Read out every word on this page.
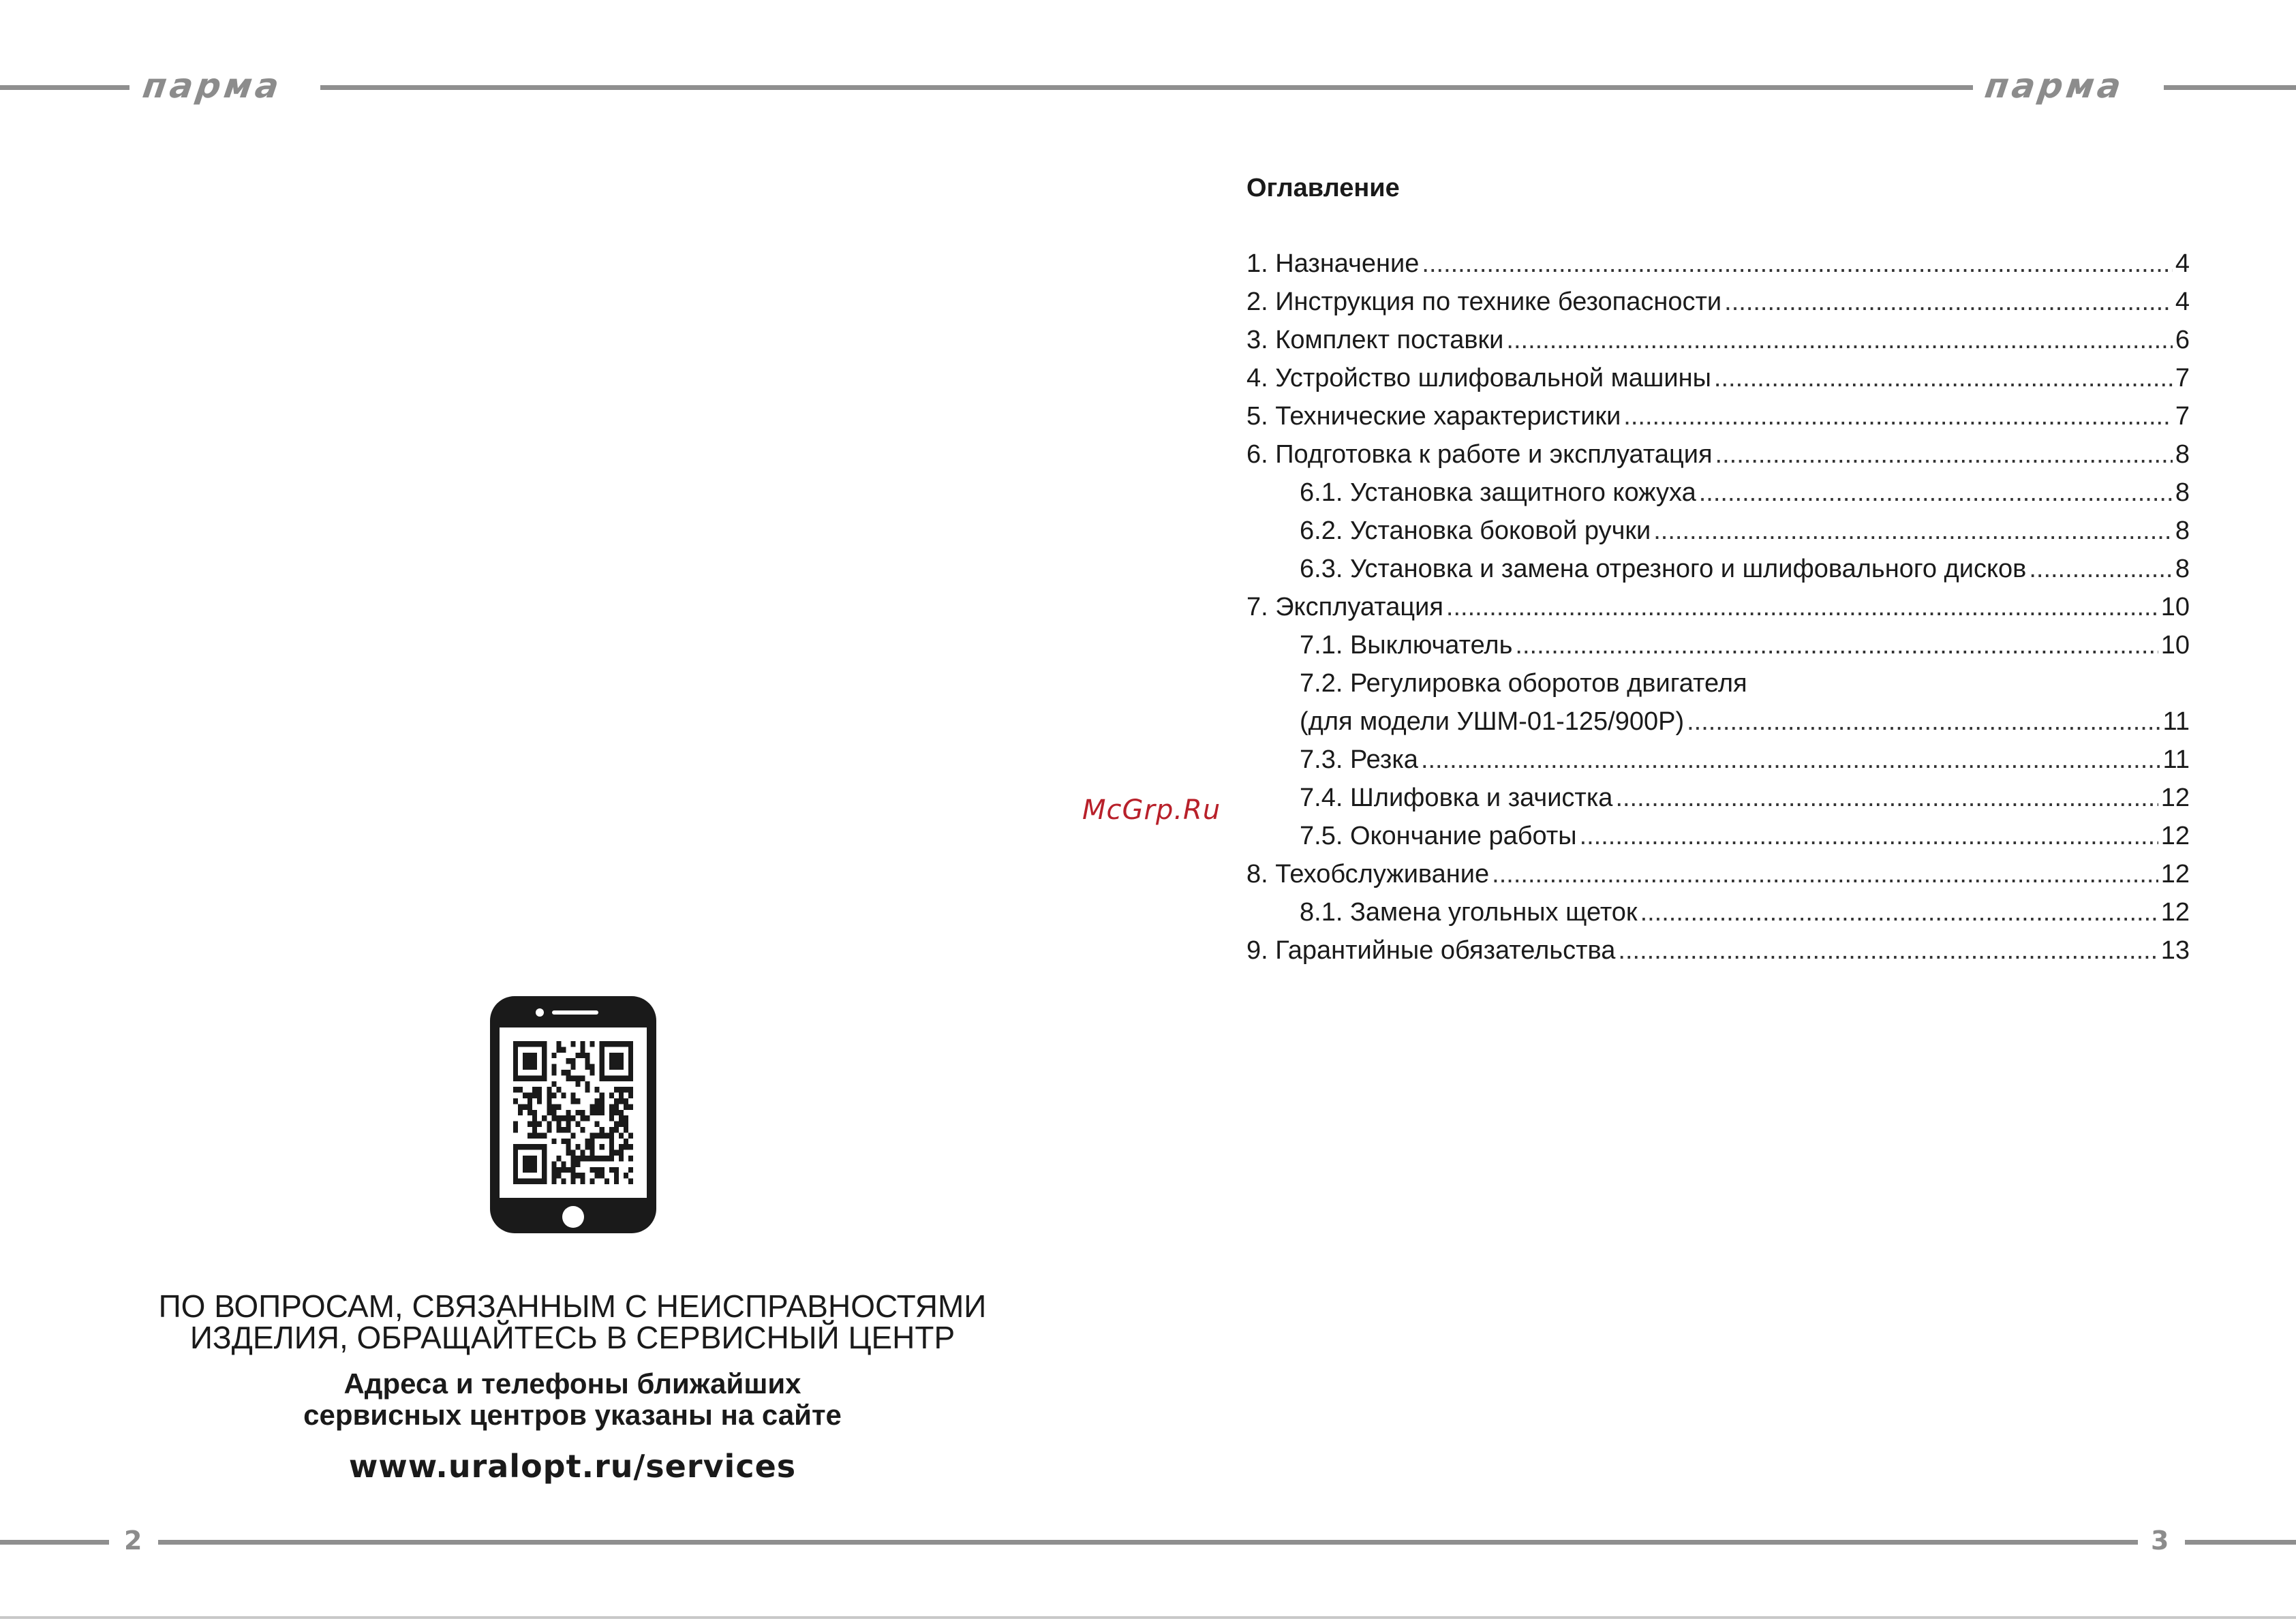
парма	парма
McGrp.Ru
Оглавление
1. Назначение .....	4
2. Инструкция по технике безопасности .....	4
3. Комплект поставки .....	6
4. Устройство шлифовальной машины .....	7
5. Технические характеристики .....	7
6. Подготовка к работе и эксплуатация .....	8
6.1. Установка защитного кожуха .....	8
6.2. Установка боковой ручки .....	8
6.3. Установка и замена отрезного и шлифовального дисков .....	8
7. Эксплуатация .....	10
7.1. Выключатель .....	10
7.2. Регулировка оборотов двигателя
(для модели УШМ-01-125/900Р) .....	11
7.3. Резка .....	11
7.4. Шлифовка и зачистка .....	12
7.5. Окончание работы .....	12
8. Техобслуживание .....	12
8.1. Замена угольных щеток .....	12
9. Гарантийные обязательства .....	13

ПО ВОПРОСАМ, СВЯЗАННЫМ С НЕИСПРАВНОСТЯМИ

ИЗДЕЛИЯ, ОБРАЩАЙТЕСЬ В СЕРВИСНЫЙ ЦЕНТР

Адреса и телефоны ближайших

сервисных центров указаны на сайте

www.uralopt.ru/services

2	3
